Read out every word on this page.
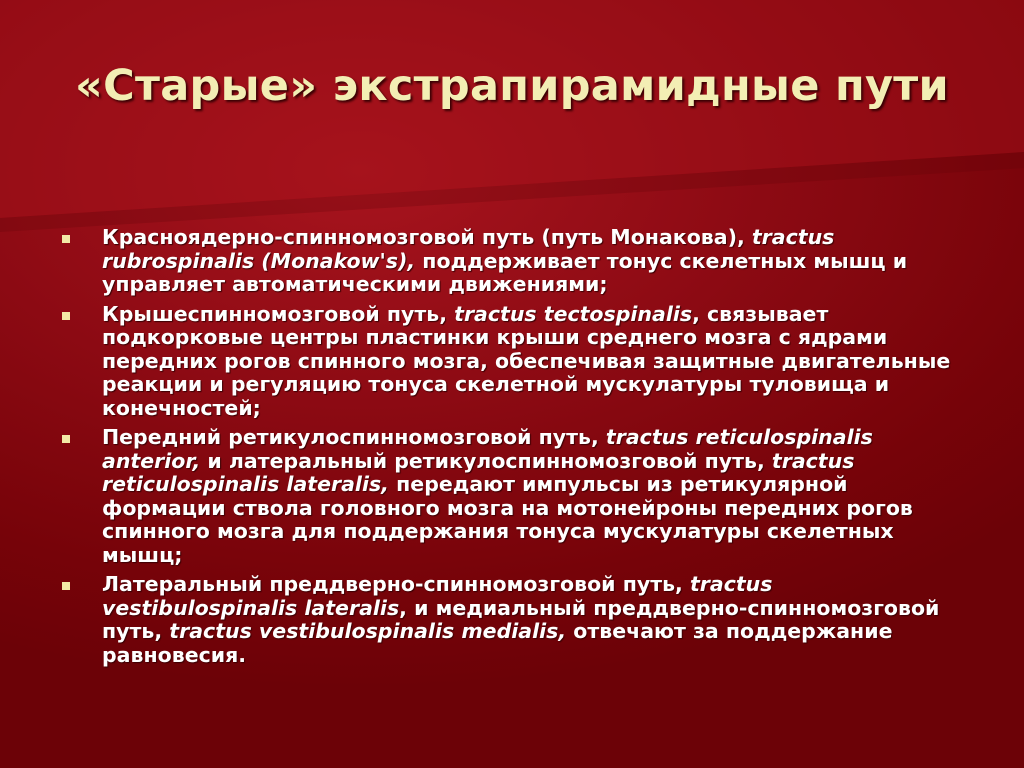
«Старые» экстрапирамидные пути
Красноядерно-спинномозговой путь (путь Монакова), tractus rubrospinalis (Monakow's), поддерживает тонус скелетных мышц и управляет автоматическими движениями;
Крышеспинномозговой путь, tractus tectospinalis, связывает подкорковые центры пластинки крыши среднего мозга с ядрами передних рогов спинного мозга, обеспечивая защитные двигательные реакции и регуляцию тонуса скелетной мускулатуры туловища и конечностей;
Передний ретикулоспинномозговой путь, tractus reticulospinalis anterior, и латеральный ретикулоспинномозговой путь, tractus reticulospinalis lateralis, передают импульсы из ретикулярной формации ствола головного мозга на мотонейроны передних рогов спинного мозга для поддержания тонуса мускулатуры скелетных мышц;
Латеральный преддверно-спинномозговой путь, tractus vestibulospinalis lateralis, и медиальный преддверно-спинномозговой путь, tractus vestibulospinalis medialis, отвечают за поддержание равновесия.
